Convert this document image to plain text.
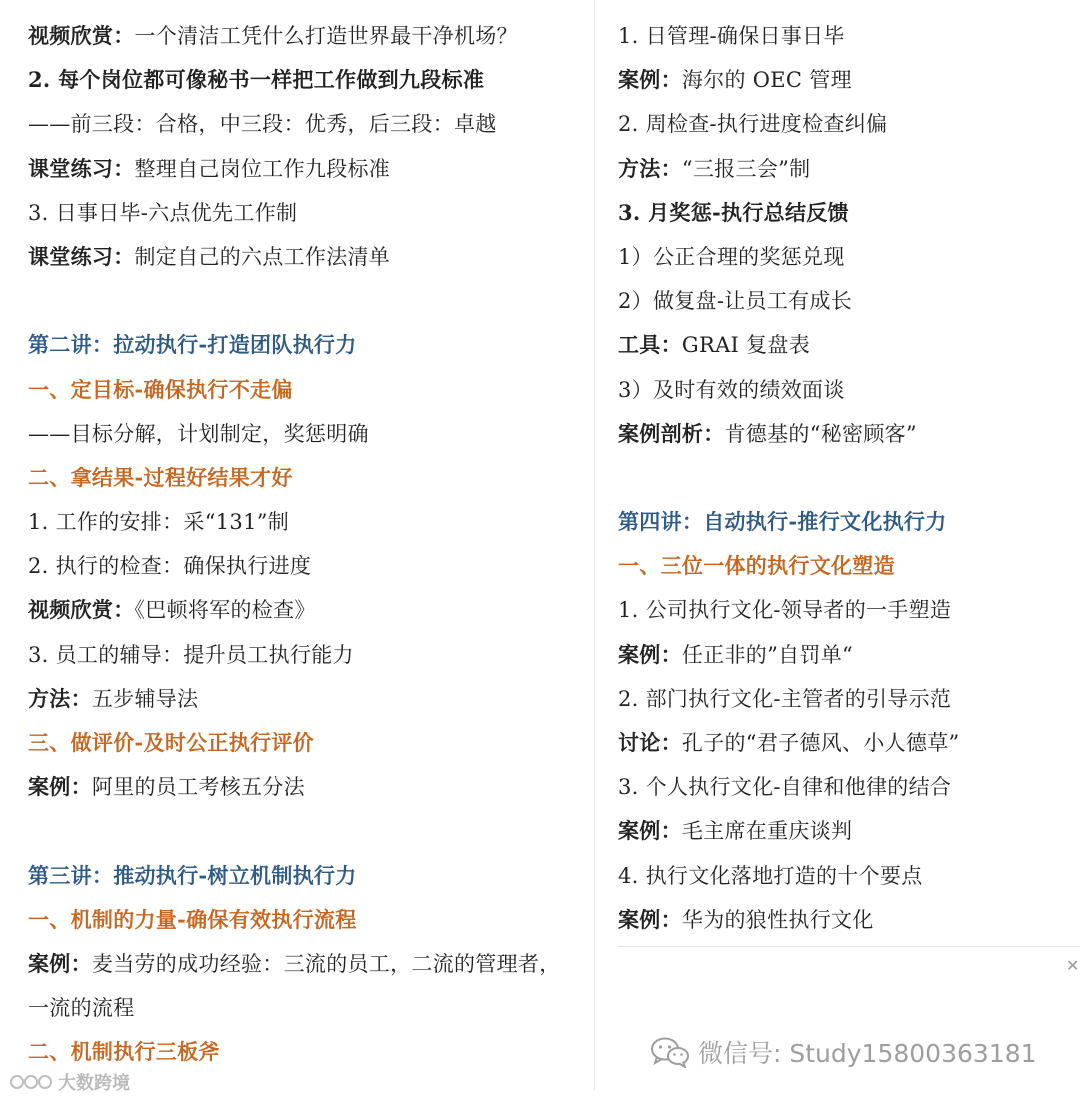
视频欣赏：一个清洁工凭什么打造世界最干净机场？
2. 每个岗位都可像秘书一样把工作做到九段标准
——前三段：合格，中三段：优秀，后三段：卓越
课堂练习：整理自己岗位工作九段标准
3. 日事日毕-六点优先工作制
课堂练习：制定自己的六点工作法清单
第二讲：拉动执行-打造团队执行力
一、定目标-确保执行不走偏
——目标分解，计划制定，奖惩明确
二、拿结果-过程好结果才好
1. 工作的安排：采“131”制
2. 执行的检查：确保执行进度
视频欣赏：《巴顿将军的检查》
3. 员工的辅导：提升员工执行能力
方法：五步辅导法
三、做评价-及时公正执行评价
案例：阿里的员工考核五分法
第三讲：推动执行-树立机制执行力
一、机制的力量-确保有效执行流程
案例：麦当劳的成功经验：三流的员工，二流的管理者，
一流的流程
二、机制执行三板斧
1. 日管理-确保日事日毕
案例：海尔的 OEC 管理
2. 周检查-执行进度检查纠偏
方法：“三报三会”制
3. 月奖惩-执行总结反馈
1）公正合理的奖惩兑现
2）做复盘-让员工有成长
工具：GRAI 复盘表
3）及时有效的绩效面谈
案例剖析：肯德基的“秘密顾客”
第四讲：自动执行-推行文化执行力
一、三位一体的执行文化塑造
1. 公司执行文化-领导者的一手塑造
案例：任正非的”自罚单“
2. 部门执行文化-主管者的引导示范
讨论：孔子的“君子德风、小人德草”
3. 个人执行文化-自律和他律的结合
案例：毛主席在重庆谈判
4. 执行文化落地打造的十个要点
案例：华为的狼性执行文化
✕
微信号: Study15800363181
大数跨境
